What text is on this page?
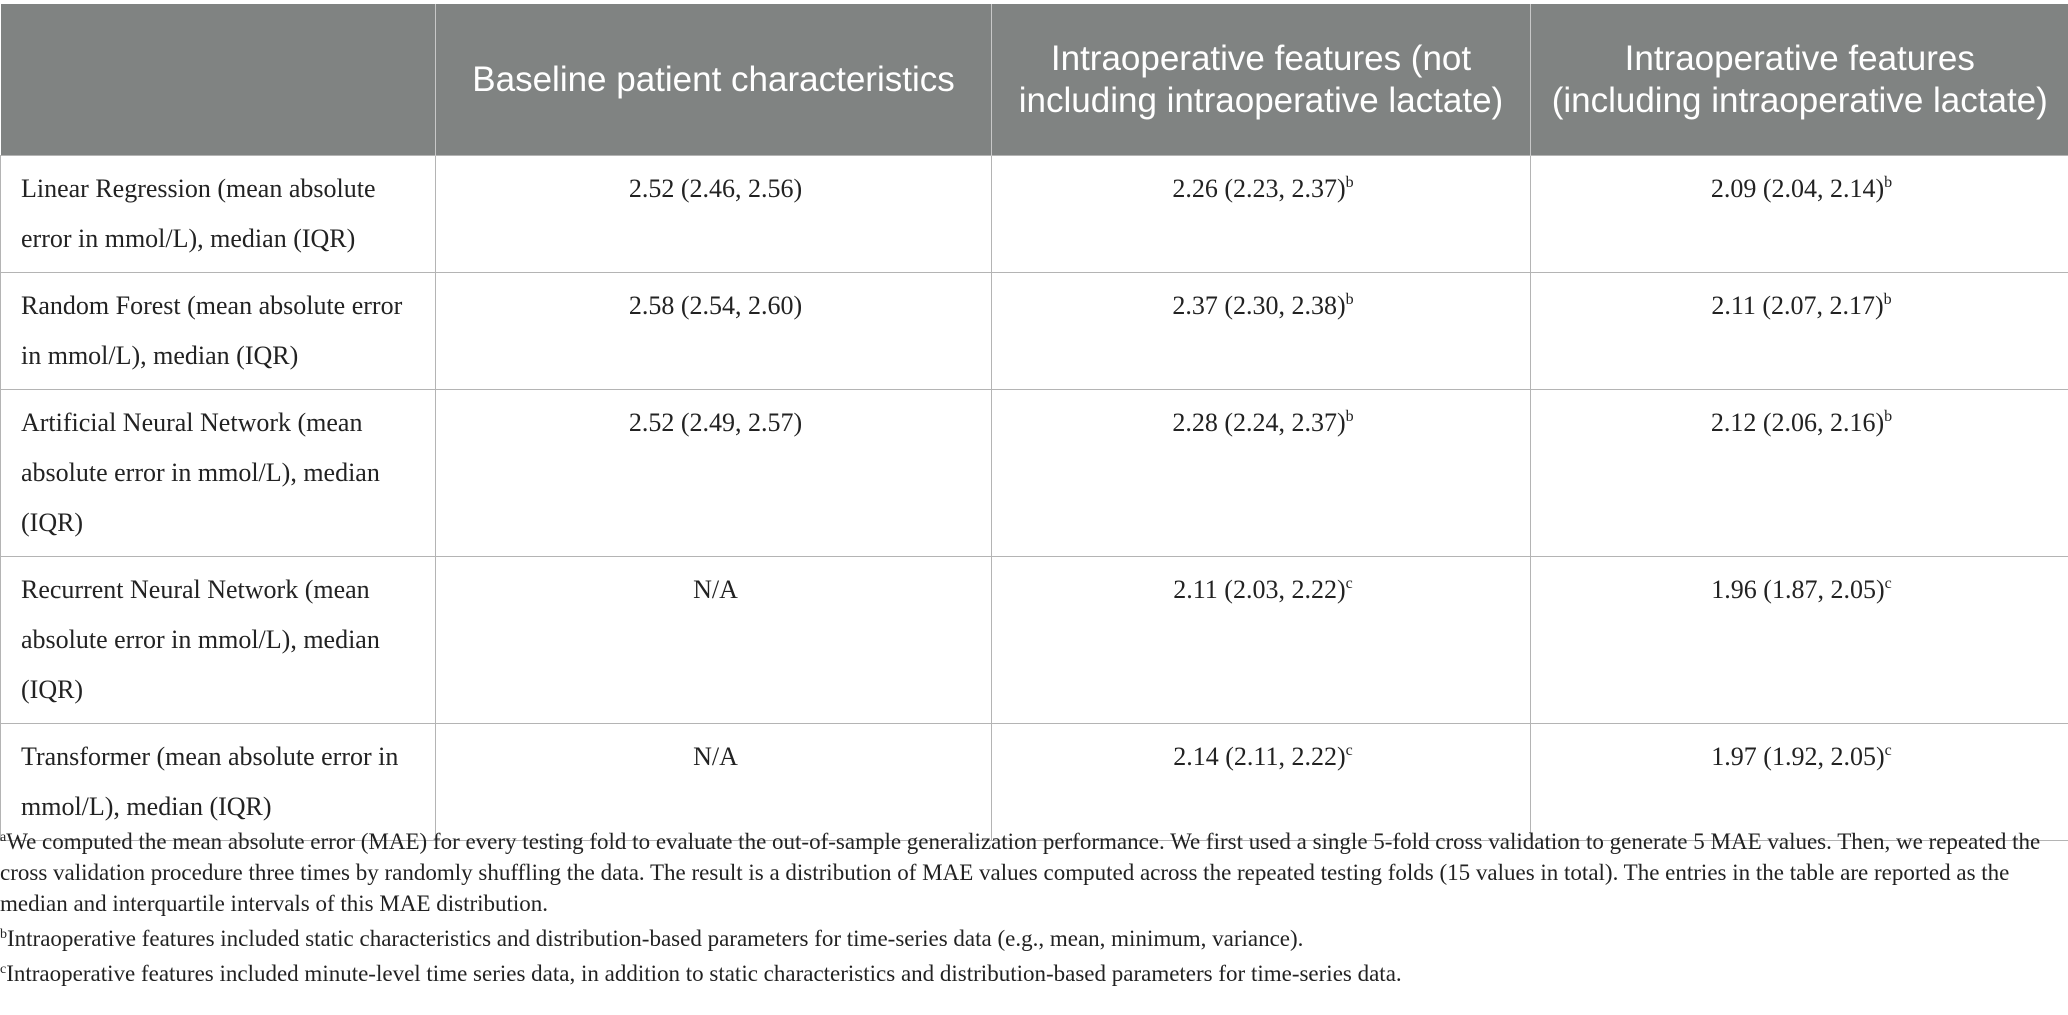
	Baseline patient characteristics	Intraoperative features (not including intraoperative lactate)	Intraoperative features (including intraoperative lactate)
Linear Regression (mean absolute error in mmol/L), median (IQR)	2.52 (2.46, 2.56)	2.26 (2.23, 2.37)$^b$	2.09 (2.04, 2.14)$^b$
Random Forest (mean absolute error in mmol/L), median (IQR)	2.58 (2.54, 2.60)	2.37 (2.30, 2.38)$^b$	2.11 (2.07, 2.17)$^b$
Artificial Neural Network (mean absolute error in mmol/L), median (IQR)	2.52 (2.49, 2.57)	2.28 (2.24, 2.37)$^b$	2.12 (2.06, 2.16)$^b$
Recurrent Neural Network (mean absolute error in mmol/L), median (IQR)	N/A	2.11 (2.03, 2.22)$^c$	1.96 (1.87, 2.05)$^c$
Transformer (mean absolute error in mmol/L), median (IQR)	N/A	2.14 (2.11, 2.22)$^c$	1.97 (1.92, 2.05)$^c$

$^a$We computed the mean absolute error (MAE) for every testing fold to evaluate the out-of-sample generalization performance. We first used a single 5-fold cross validation to generate 5 MAE values. Then, we repeated the cross validation procedure three times by randomly shuffling the data. The result is a distribution of MAE values computed across the repeated testing folds (15 values in total). The entries in the table are reported as the median and interquartile intervals of this MAE distribution.

$^b$Intraoperative features included static characteristics and distribution-based parameters for time-series data (e.g., mean, minimum, variance).

$^c$Intraoperative features included minute-level time series data, in addition to static characteristics and distribution-based parameters for time-series data.
